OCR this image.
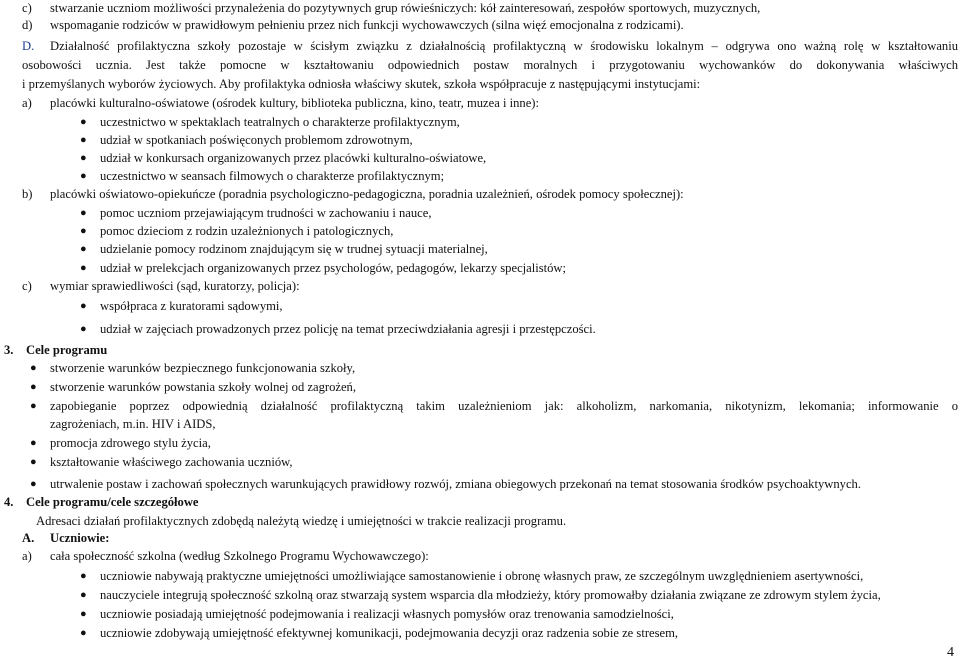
c) stwarzanie uczniom możliwości przynależenia do pozytywnych grup rówieśniczych: kół zainteresowań, zespołów sportowych, muzycznych,
d) wspomaganie rodziców w prawidłowym pełnieniu przez nich funkcji wychowawczych (silna więź emocjonalna z rodzicami).
D. Działalność profilaktyczna szkoły pozostaje w ścisłym związku z działalnością profilaktyczną w środowisku lokalnym – odgrywa ono ważną rolę w kształtowaniu
osobowości ucznia. Jest także pomocne w kształtowaniu odpowiednich postaw moralnych i przygotowaniu wychowanków do dokonywania właściwych
i przemyślanych wyborów życiowych. Aby profilaktyka odniosła właściwy skutek, szkoła współpracuje z następującymi instytucjami:
a) placówki kulturalno-oświatowe (ośrodek kultury, biblioteka publiczna, kino, teatr, muzea i inne):
● uczestnictwo w spektaklach teatralnych o charakterze profilaktycznym,
● udział w spotkaniach poświęconych problemom zdrowotnym,
● udział w konkursach organizowanych przez placówki kulturalno-oświatowe,
● uczestnictwo w seansach filmowych o charakterze profilaktycznym;
b) placówki oświatowo-opiekuńcze (poradnia psychologiczno-pedagogiczna, poradnia uzależnień, ośrodek pomocy społecznej):
● pomoc uczniom przejawiającym trudności w zachowaniu i nauce,
● pomoc dzieciom z rodzin uzależnionych i patologicznych,
● udzielanie pomocy rodzinom znajdującym się w trudnej sytuacji materialnej,
● udział w prelekcjach organizowanych przez psychologów, pedagogów, lekarzy specjalistów;
c) wymiar sprawiedliwości (sąd, kuratorzy, policja):
● współpraca z kuratorami sądowymi,
● udział w zajęciach prowadzonych przez policję na temat przeciwdziałania agresji i przestępczości.
3. Cele programu
● stworzenie warunków bezpiecznego funkcjonowania szkoły,
● stworzenie warunków powstania szkoły wolnej od zagrożeń,
● zapobieganie poprzez odpowiednią działalność profilaktyczną takim uzależnieniom jak: alkoholizm, narkomania, nikotynizm, lekomania; informowanie o
zagrożeniach, m.in. HIV i AIDS,
● promocja zdrowego stylu życia,
● kształtowanie właściwego zachowania uczniów,
● utrwalenie postaw i zachowań społecznych warunkujących prawidłowy rozwój, zmiana obiegowych przekonań na temat stosowania środków psychoaktywnych.
4. Cele programu/cele szczegółowe
Adresaci działań profilaktycznych zdobędą należytą wiedzę i umiejętności w trakcie realizacji programu.
A. Uczniowie:
a) cała społeczność szkolna (według Szkolnego Programu Wychowawczego):
● uczniowie nabywają praktyczne umiejętności umożliwiające samostanowienie i obronę własnych praw, ze szczególnym uwzględnieniem asertywności,
● nauczyciele integrują społeczność szkolną oraz stwarzają system wsparcia dla młodzieży, który promowałby działania związane ze zdrowym stylem życia,
● uczniowie posiadają umiejętność podejmowania i realizacji własnych pomysłów oraz trenowania samodzielności,
● uczniowie zdobywają umiejętność efektywnej komunikacji, podejmowania decyzji oraz radzenia sobie ze stresem,
4
